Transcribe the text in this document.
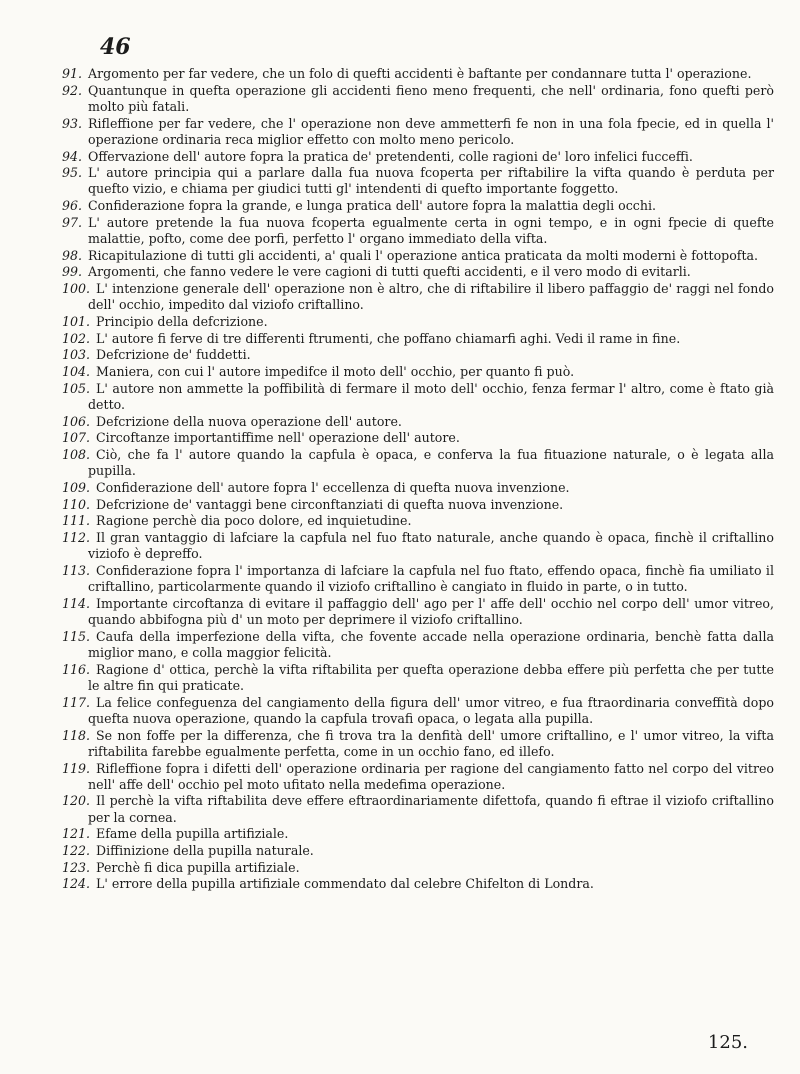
46
91. Argomento per far vedere, che un folo di quefti accidenti è baftante per condannare tutta l' operazione.
92. Quantunque in quefta operazione gli accidenti fieno meno frequenti, che nell' ordinaria, fono quefti però molto più fatali.
93. Rifleffione per far vedere, che l' operazione non deve ammetterfi fe non in una fola fpecie, ed in quella l' operazione ordinaria reca miglior effetto con molto meno pericolo.
94. Offervazione dell' autore fopra la pratica de' pretendenti, colle ragioni de' loro infelici fucceffi.
95. L' autore principia qui a parlare dalla fua nuova fcoperta per riftabilire la vifta quando è perduta per quefto vizio, e chiama per giudici tutti gl' intendenti di quefto importante foggetto.
96. Confiderazione fopra la grande, e lunga pratica dell' autore fopra la malattia degli occhi.
97. L' autore pretende la fua nuova fcoperta egualmente certa in ogni tempo, e in ogni fpecie di quefte malattie, pofto, come dee porfi, perfetto l' organo immediato della vifta.
98. Ricapitulazione di tutti gli accidenti, a' quali l' operazione antica praticata da molti moderni è fottopofta.
99. Argomenti, che fanno vedere le vere cagioni di tutti quefti accidenti, e il vero modo di evitarli.
100. L' intenzione generale dell' operazione non è altro, che di riftabilire il libero paffaggio de' raggi nel fondo dell' occhio, impedito dal viziofo criftallino.
101. Principio della defcrizione.
102. L' autore fi ferve di tre differenti ftrumenti, che poffano chiamarfi aghi. Vedi il rame in fine.
103. Defcrizione de' fuddetti.
104. Maniera, con cui l' autore impedifce il moto dell' occhio, per quanto fi può.
105. L' autore non ammette la poffibilità di fermare il moto dell' occhio, fenza fermar l' altro, come è ftato già detto.
106. Defcrizione della nuova operazione dell' autore.
107. Circoftanze importantiffime nell' operazione dell' autore.
108. Ciò, che fa l' autore quando la capfula è opaca, e conferva la fua fituazione naturale, o è legata alla pupilla.
109. Confiderazione dell' autore fopra l' eccellenza di quefta nuova invenzione.
110. Defcrizione de' vantaggi bene circonftanziati di quefta nuova invenzione.
111. Ragione perchè dia poco dolore, ed inquietudine.
112. Il gran vantaggio di lafciare la capfula nel fuo ftato naturale, anche quando è opaca, finchè il criftallino viziofo è depreffo.
113. Confiderazione fopra l' importanza di lafciare la capfula nel fuo ftato, effendo opaca, finchè fia umiliato il criftallino, particolarmente quando il viziofo criftallino è cangiato in fluido in parte, o in tutto.
114. Importante circoftanza di evitare il paffaggio dell' ago per l' affe dell' occhio nel corpo dell' umor vitreo, quando abbifogna più d' un moto per deprimere il viziofo criftallino.
115. Caufa della imperfezione della vifta, che fovente accade nella operazione ordinaria, benchè fatta dalla miglior mano, e colla maggior felicità.
116. Ragione d' ottica, perchè la vifta riftabilita per quefta operazione debba effere più perfetta che per tutte le altre fin qui praticate.
117. La felice confeguenza del cangiamento della figura dell' umor vitreo, e fua ftraordinaria conveffità dopo quefta nuova operazione, quando la capfula trovafi opaca, o legata alla pupilla.
118. Se non foffe per la differenza, che fi trova tra la denfità dell' umore criftallino, e l' umor vitreo, la vifta riftabilita farebbe egualmente perfetta, come in un occhio fano, ed illefo.
119. Rifleffione fopra i difetti dell' operazione ordinaria per ragione del cangiamento fatto nel corpo del vitreo nell' affe dell' occhio pel moto ufitato nella medefima operazione.
120. Il perchè la vifta riftabilita deve effere eftraordinariamente difettofa, quando fi eftrae il viziofo criftallino per la cornea.
121. Efame della pupilla artifiziale.
122. Diffinizione della pupilla naturale.
123. Perchè fi dica pupilla artifiziale.
124. L' errore della pupilla artifiziale commendato dal celebre Chifelton di Londra.
125.
